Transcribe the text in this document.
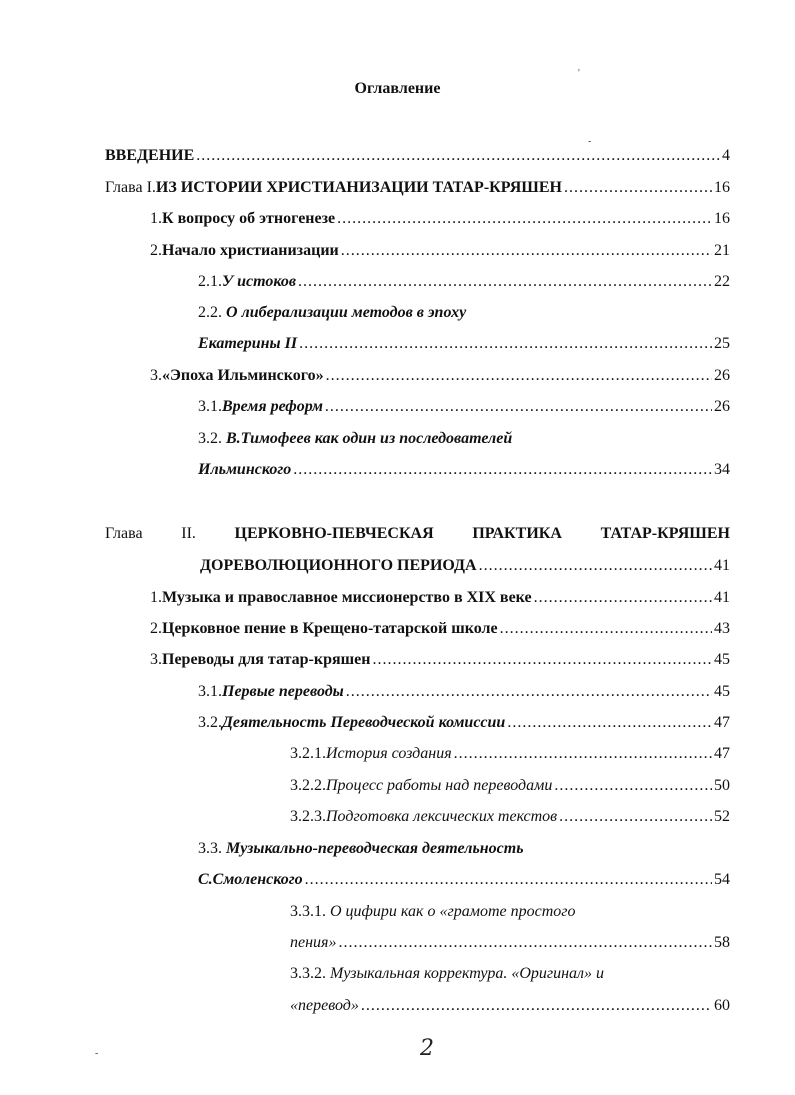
Оглавление
ВВЕДЕНИЕ .....	4
Глава I. ИЗ ИСТОРИИ ХРИСТИАНИЗАЦИИ ТАТАР-КРЯШЕН .....	16
1. К вопросу об этногенезе .....	16
2. Начало христианизации .....	21
2.1. У истоков .....	22
2.2. О либерализации методов в эпоху
Екатерины II .....	25
3. «Эпоха Ильминского» .....	26
3.1. Время реформ .....	26
3.2. В.Тимофеев как один из последователей
Ильминского .....	34
Глава II. ЦЕРКОВНО-ПЕВЧЕСКАЯ ПРАКТИКА ТАТАР-КРЯШЕН
ДОРЕВОЛЮЦИОННОГО ПЕРИОДА .....	41
1. Музыка и православное миссионерство в XIX веке .....	41
2. Церковное пение в Крещено-татарской школе .....	43
3. Переводы для татар-кряшен .....	45
3.1. Первые переводы .....	45
3.2. Деятельность Переводческой комиссии .....	47
3.2.1. История создания .....	47
3.2.2. Процесс работы над переводами .....	50
3.2.3. Подготовка лексических текстов .....	52
3.3. Музыкально-переводческая деятельность
С.Смоленского .....	54
3.3.1. О цифири как о «грамоте простого
пения» .....	58
3.3.2. Музыкальная корректура. «Оригинал» и
«перевод» .....	60
2
'
-
-
